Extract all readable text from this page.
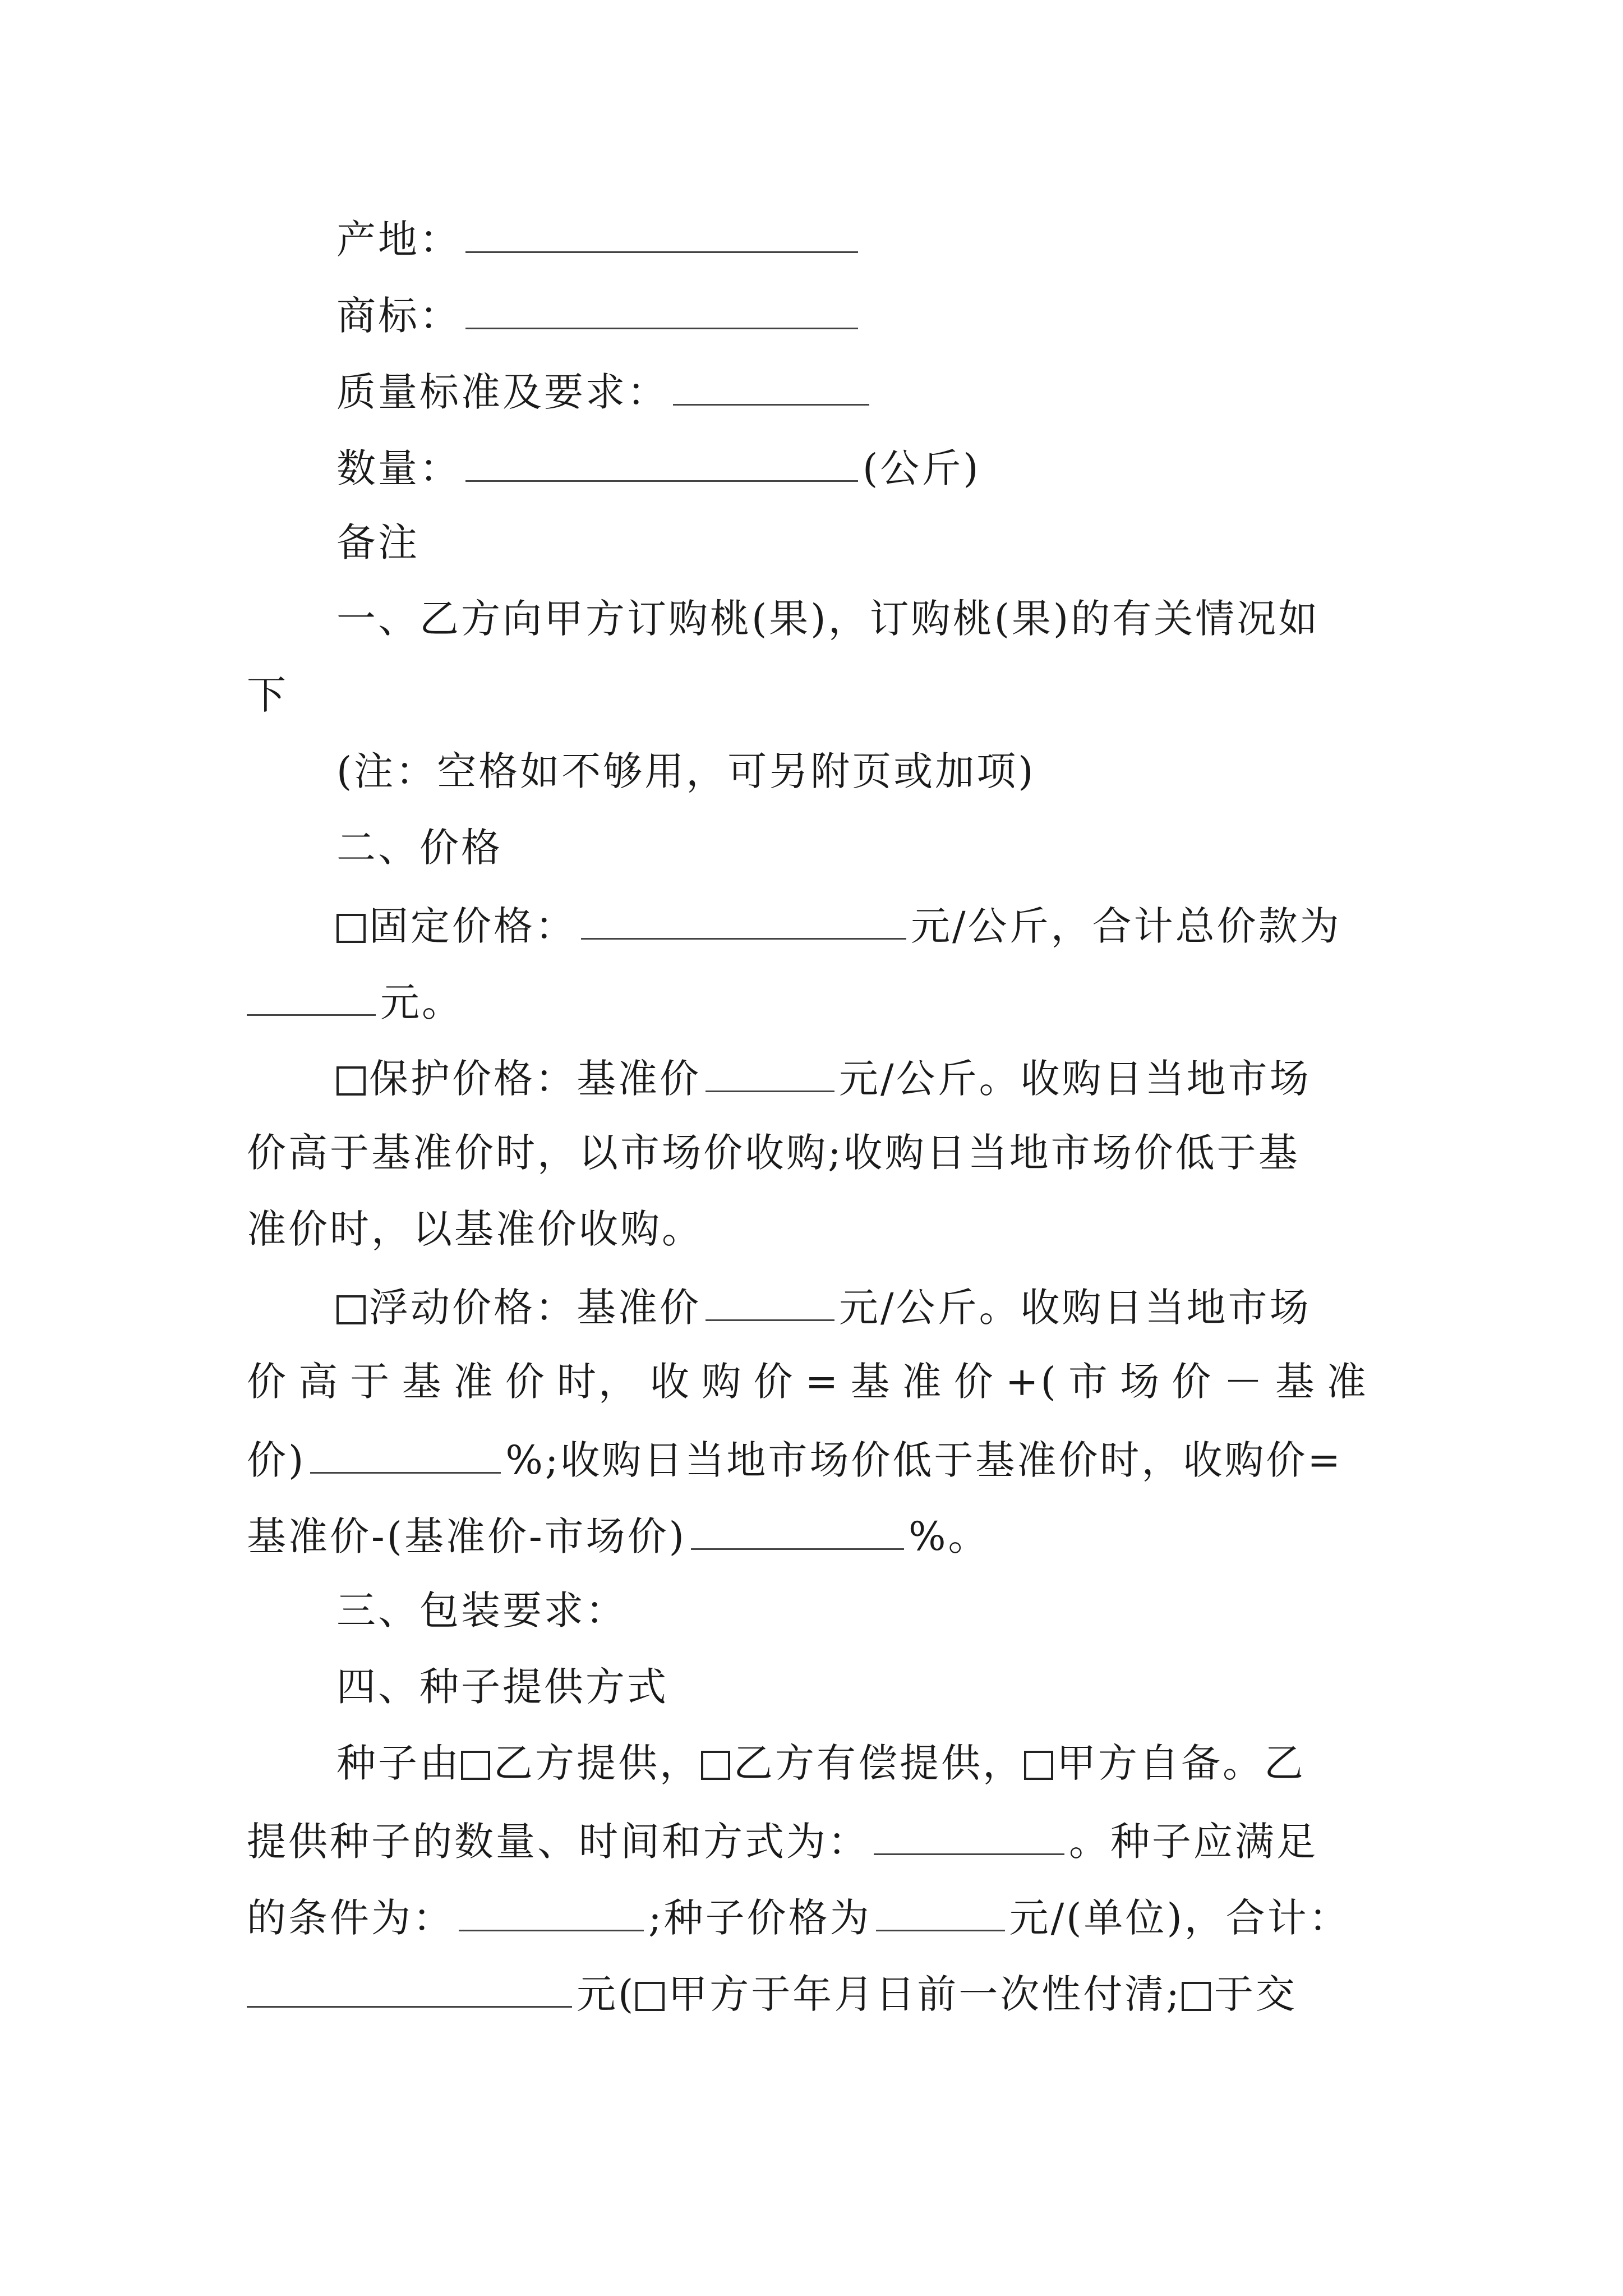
产地：
商标：
质量标准及要求：
数量：	(公斤)
备注
一、乙方向甲方订购桃(果)，订购桃(果)的有关情况如
下
(注：空格如不够用，可另附页或加项)
二、价格
固定价格：	元/公斤，合计总价款为
元。
保护价格：基准价	元/公斤。收购日当地市场
价高于基准价时，以市场价收购;收购日当地市场价低于基
准价时，以基准价收购。
浮动价格：基准价	元/公斤。收购日当地市场
价 高 于 基 准 价 时， 收 购 价 = 基 准 价 +( 市 场 价 － 基 准
价)	%;收购日当地市场价低于基准价时，收购价=
基准价-(基准价-市场价)	%。
三、包装要求：
四、种子提供方式
种子由 乙方提供， 乙方有偿提供， 甲方自备。乙
提供种子的数量、时间和方式为：	。种子应满足
的条件为：	;种子价格为	元/(单位)，合计：
元( 甲方于年月日前一次性付清; 于交
